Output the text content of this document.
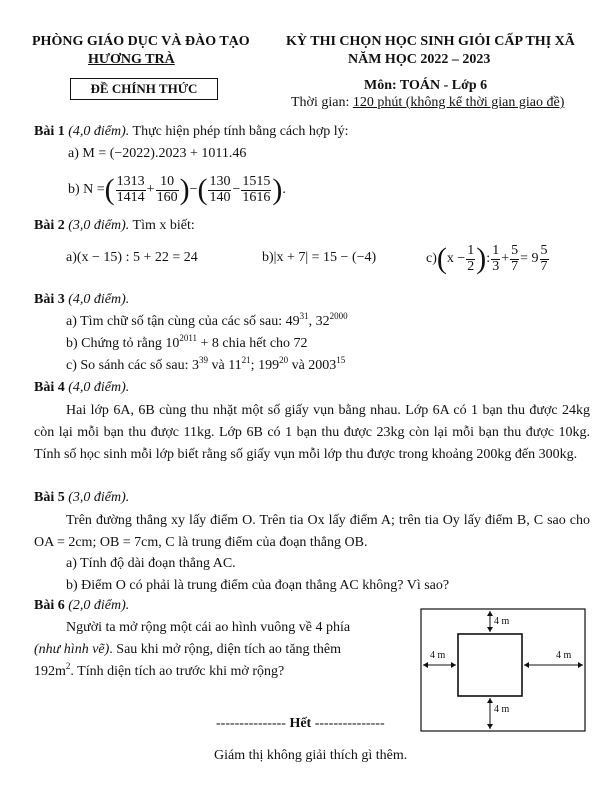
PHÒNG GIÁO DỤC VÀ ĐÀO TẠO
HƯƠNG TRÀ
ĐỀ CHÍNH THỨC
KỲ THI CHỌN HỌC SINH GIỎI CẤP THỊ XÃ
NĂM HỌC 2022 – 2023
Môn: TOÁN - Lớp 6
Thời gian: 120 phút (không kể thời gian giao đề)
Bài 1 (4,0 điểm). Thực hiện phép tính bằng cách hợp lý:
a) M = (−2022).2023 + 1011.46
b) N = ( $\frac{1313}{1414} + \frac{10}{160}$ ) − ( $\frac{130}{140} - \frac{1515}{1616}$ ) .
Bài 2 (3,0 điểm). Tìm x biết:
a)(x − 15) : 5 + 22 = 24	b)|x + 7| = 15 − (−4)	c) ( $x - \frac{1}{2}$ ) : $\frac{1}{3} + \frac{5}{7} = 9 \frac{5}{7}$
Bài 3 (4,0 điểm).
a) Tìm chữ số tận cùng của các số sau: $49^{31}$, $32^{2000}$
b) Chứng tỏ rằng $10^{2011} + 8$ chia hết cho 72
c) So sánh các số sau: $3^{39}$ và $11^{21}$; $199^{20}$ và 2003$^{15}$
Bài 4 (4,0 điểm).

Hai lớp 6A, 6B cùng thu nhặt một số giấy vụn bằng nhau. Lớp 6A có 1 bạn thu được 24kg còn lại mỗi bạn thu được 11kg. Lớp 6B có 1 bạn thu được 23kg còn lại mỗi bạn thu được 10kg. Tính số học sinh mỗi lớp biết rằng số giấy vụn mỗi lớp thu được trong khoảng 200kg đến 300kg.

Bài 5 (3,0 điểm).

Trên đường thẳng xy lấy điểm O. Trên tia Ox lấy điểm A; trên tia Oy lấy điểm B, C sao cho OA = 2cm; OB = 7cm, C là trung điểm của đoạn thẳng OB.

a) Tính độ dài đoạn thẳng AC.
b) Điểm O có phải là trung điểm của đoạn thẳng AC không? Vì sao?
Bài 6 (2,0 điểm).
Người ta mở rộng một cái ao hình vuông về 4 phía
(như hình vẽ). Sau khi mở rộng, diện tích ao tăng thêm
$192m^2$. Tính diện tích ao trước khi mở rộng?
4 m
4 m	4 m
4 m
--------------- Hết ---------------
Giám thị không giải thích gì thêm.
